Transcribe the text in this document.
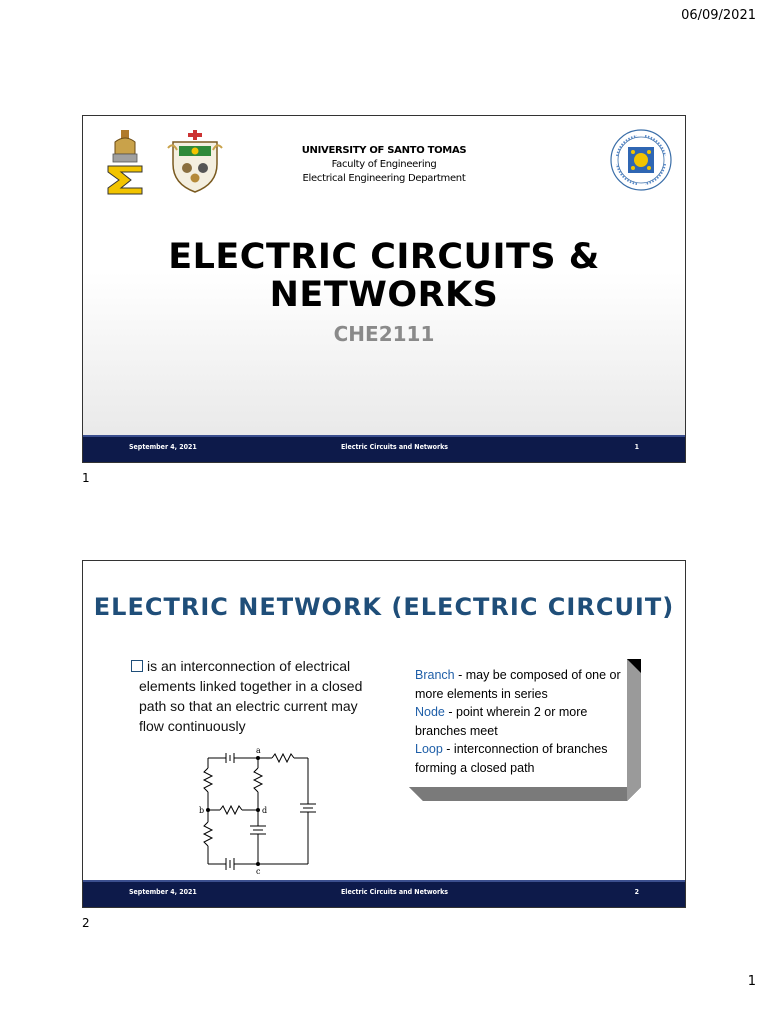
06/09/2021
UNIVERSITY OF SANTO TOMAS
Faculty of Engineering
Electrical Engineering Department
ELECTRIC CIRCUITS &
NETWORKS
CHE2111
September 4, 2021	Electric Circuits and Networks	1
1
ELECTRIC NETWORK (ELECTRIC CIRCUIT)
is an interconnection of electrical
elements linked together in a closed
path so that an electric current may
flow continuously
a
b
c
d
Branch - may be composed of one or more elements in series
Node - point wherein 2 or more branches meet
Loop - interconnection of branches forming a closed path
September 4, 2021	Electric Circuits and Networks	2
2
1
